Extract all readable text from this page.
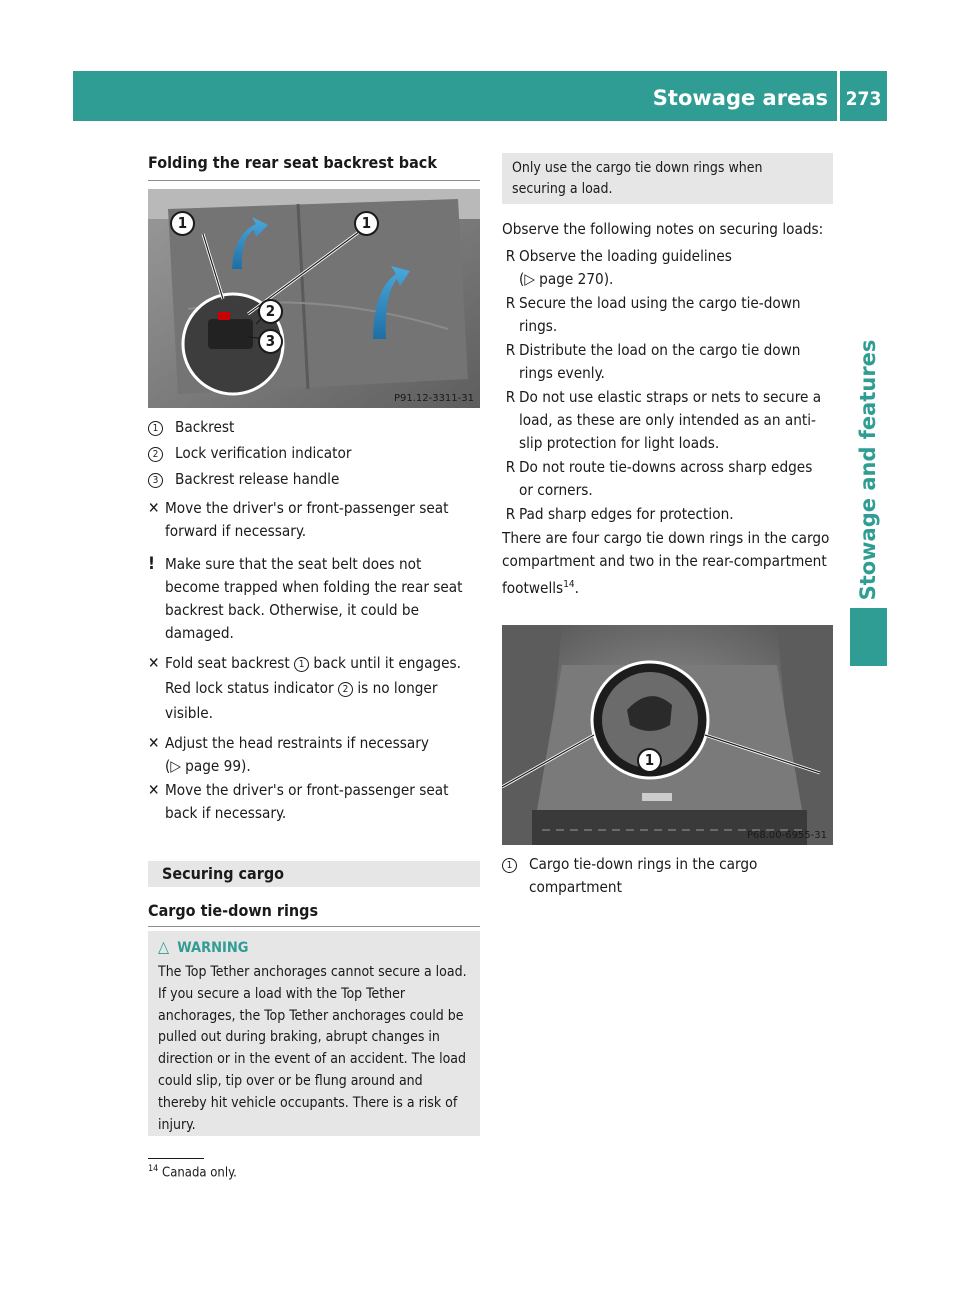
Stowage areas 273
Stowage and features
Folding the rear seat backrest back
1	1
2
3
P91.12-3311-31
1	Backrest
2	Lock verification indicator
3	Backrest release handle
✕ Move the driver's or front-passenger seat forward if necessary.
! Make sure that the seat belt does not become trapped when folding the rear seat backrest back. Otherwise, it could be damaged.
✕ Fold seat backrest 1 back until it engages. Red lock status indicator 2 is no longer visible.
✕ Adjust the head restraints if necessary
(▷ page 99).
✕ Move the driver's or front-passenger seat back if necessary.
Securing cargo
Cargo tie-down rings
△ WARNING
The Top Tether anchorages cannot secure a load. If you secure a load with the Top Tether anchorages, the Top Tether anchorages could be pulled out during braking, abrupt changes in direction or in the event of an accident. The load could slip, tip over or be flung around and thereby hit vehicle occupants. There is a risk of injury.
Only use the cargo tie down rings when securing a load.

Observe the following notes on securing loads:

R Observe the loading guidelines
(▷ page 270).
R Secure the load using the cargo tie-down
rings.
R Distribute the load on the cargo tie down
rings evenly.
R Do not use elastic straps or nets to secure a load, as these are only intended as an anti-slip protection for light loads.
R Do not route tie-downs across sharp edges
or corners.
R Pad sharp edges for protection.

There are four cargo tie down rings in the cargo compartment and two in the rear-compartment footwells$^{14}$.

1
P68.00-6955-31
1	Cargo tie-down rings in the cargo compartment
$^{14}$ Canada only.
